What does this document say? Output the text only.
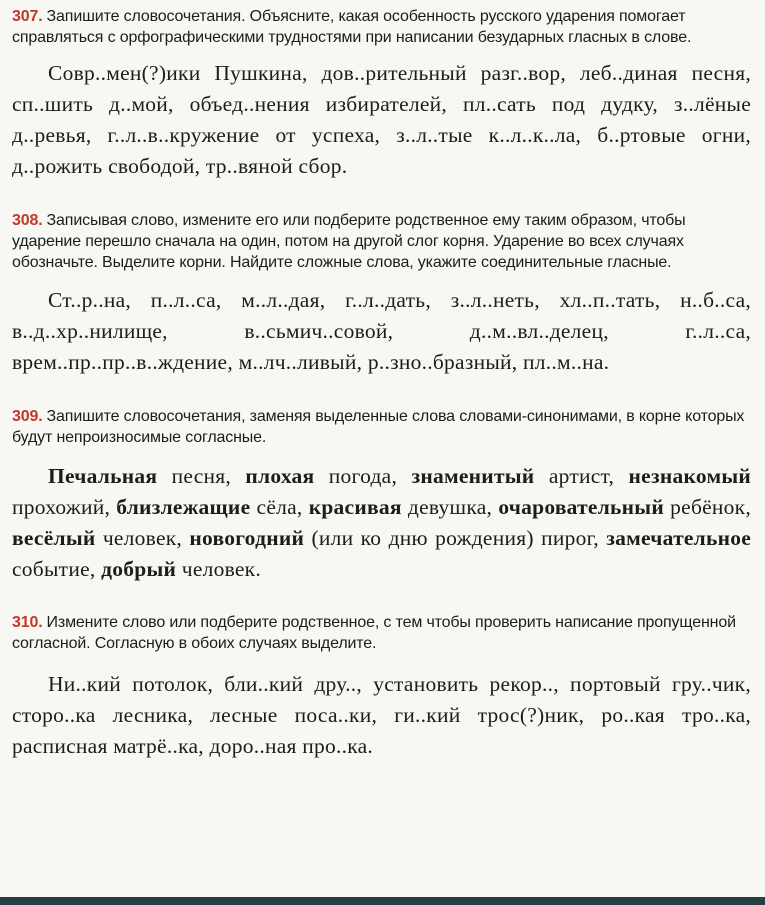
307. Запишите словосочетания. Объясните, какая особенность русского ударения помогает справляться с орфографическими трудностями при написании безударных гласных в слове.

Совр..мен(?)ики Пушкина, дов..рительный разг..вор, леб..диная песня, сп..шить д..мой, объед..нения избирателей, пл..сать под дудку, з..лёные д..ревья, г..л..в..кружение от успеха, з..л..тые к..л..к..ла, б..ртовые огни, д..рожить свободой, тр..вяной сбор.

308. Записывая слово, измените его или подберите родственное ему таким образом, чтобы ударение перешло сначала на один, потом на другой слог корня. Ударение во всех случаях обозначьте. Выделите корни. Найдите сложные слова, укажите соединительные гласные.

Ст..р..на, п..л..са, м..л..дая, г..л..дать, з..л..неть, хл..п..тать, н..б..са, в..д..хр..нилище, в..сьмич..совой, д..м..вл..делец, г..л..са, врем..пр..пр..в..ждение, м..лч..ливый, р..зно..бразный, пл..м..на.

309. Запишите словосочетания, заменяя выделенные слова словами-синонимами, в корне которых будут непроизносимые согласные.

Печальная песня, плохая погода, знаменитый артист, незнакомый прохожий, близлежащие сёла, красивая девушка, очаровательный ребёнок, весёлый человек, новогодний (или ко дню рождения) пирог, замечательное событие, добрый человек.

310. Измените слово или подберите родственное, с тем чтобы проверить написание пропущенной согласной. Согласную в обоих случаях выделите.

Ни..кий потолок, бли..кий дру.., установить рекор.., портовый гру..чик, сторо..ка лесника, лесные поса..ки, ги..кий трос(?)ник, ро..кая тро..ка, расписная матрё..ка, доро..ная про..ка.
